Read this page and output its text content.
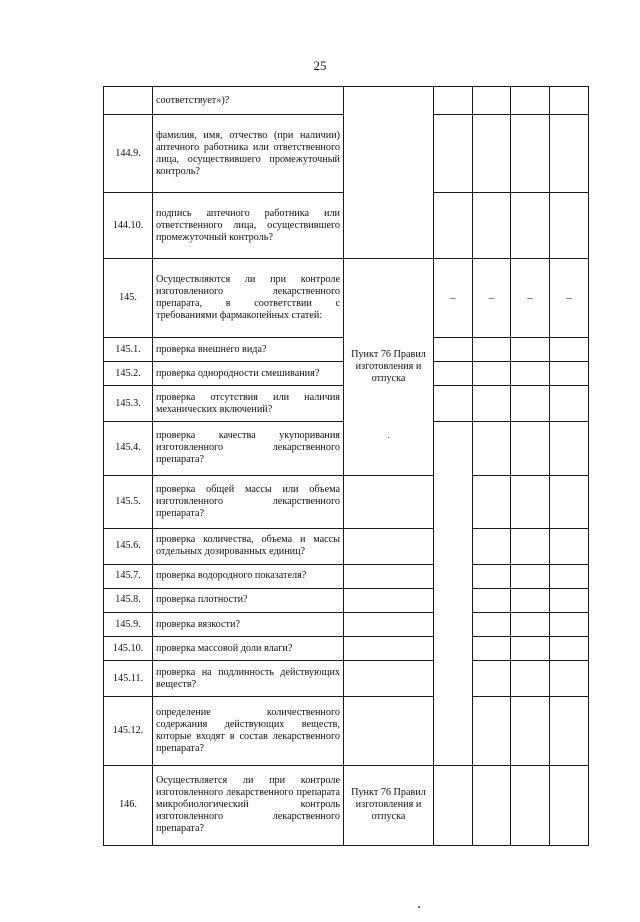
25
	соответствует»)?						
144.9.	фамилия, имя, отчество (при наличии) аптечного работника или ответственного лица, осуществившего промежуточный контроль?						
144.10.	подпись аптечного работника или ответственного лица, осуществившего промежуточный контроль?						
145.	Осуществляются ли при контроле изготовленного лекарственного препарата, в соответствии с требованиями фармакопейных статей:	Пункт 76 Правил изготовления и отпуска	–	–	–	–	
145.1.	проверка внешнего вида?						
145.2.	проверка однородности смешивания?						
145.3.	проверка отсутствия или наличия механических включений?						
145.4.	проверка качества укупоривания изготовленного лекарственного препарата?						
145.5.	проверка общей массы или объема изготовленного лекарственного препарата?						
145.6.	проверка количества, объема и массы отдельных дозированных единиц?						
145.7.	проверка водородного показателя?						
145.8.	проверка плотности?						
145.9.	проверка вязкости?						
145.10.	проверка массовой доли влаги?						
145.11.	проверка на подлинность действующих веществ?						
145.12.	определение количественного содержания действующих веществ, которые входят в состав лекарственного препарата?						
146.	Осуществляется ли при контроле изготовленного лекарственного препарата микробиологический контроль изготовленного лекарственного препарата?	Пункт 76 Правил изготовления и отпуска					
